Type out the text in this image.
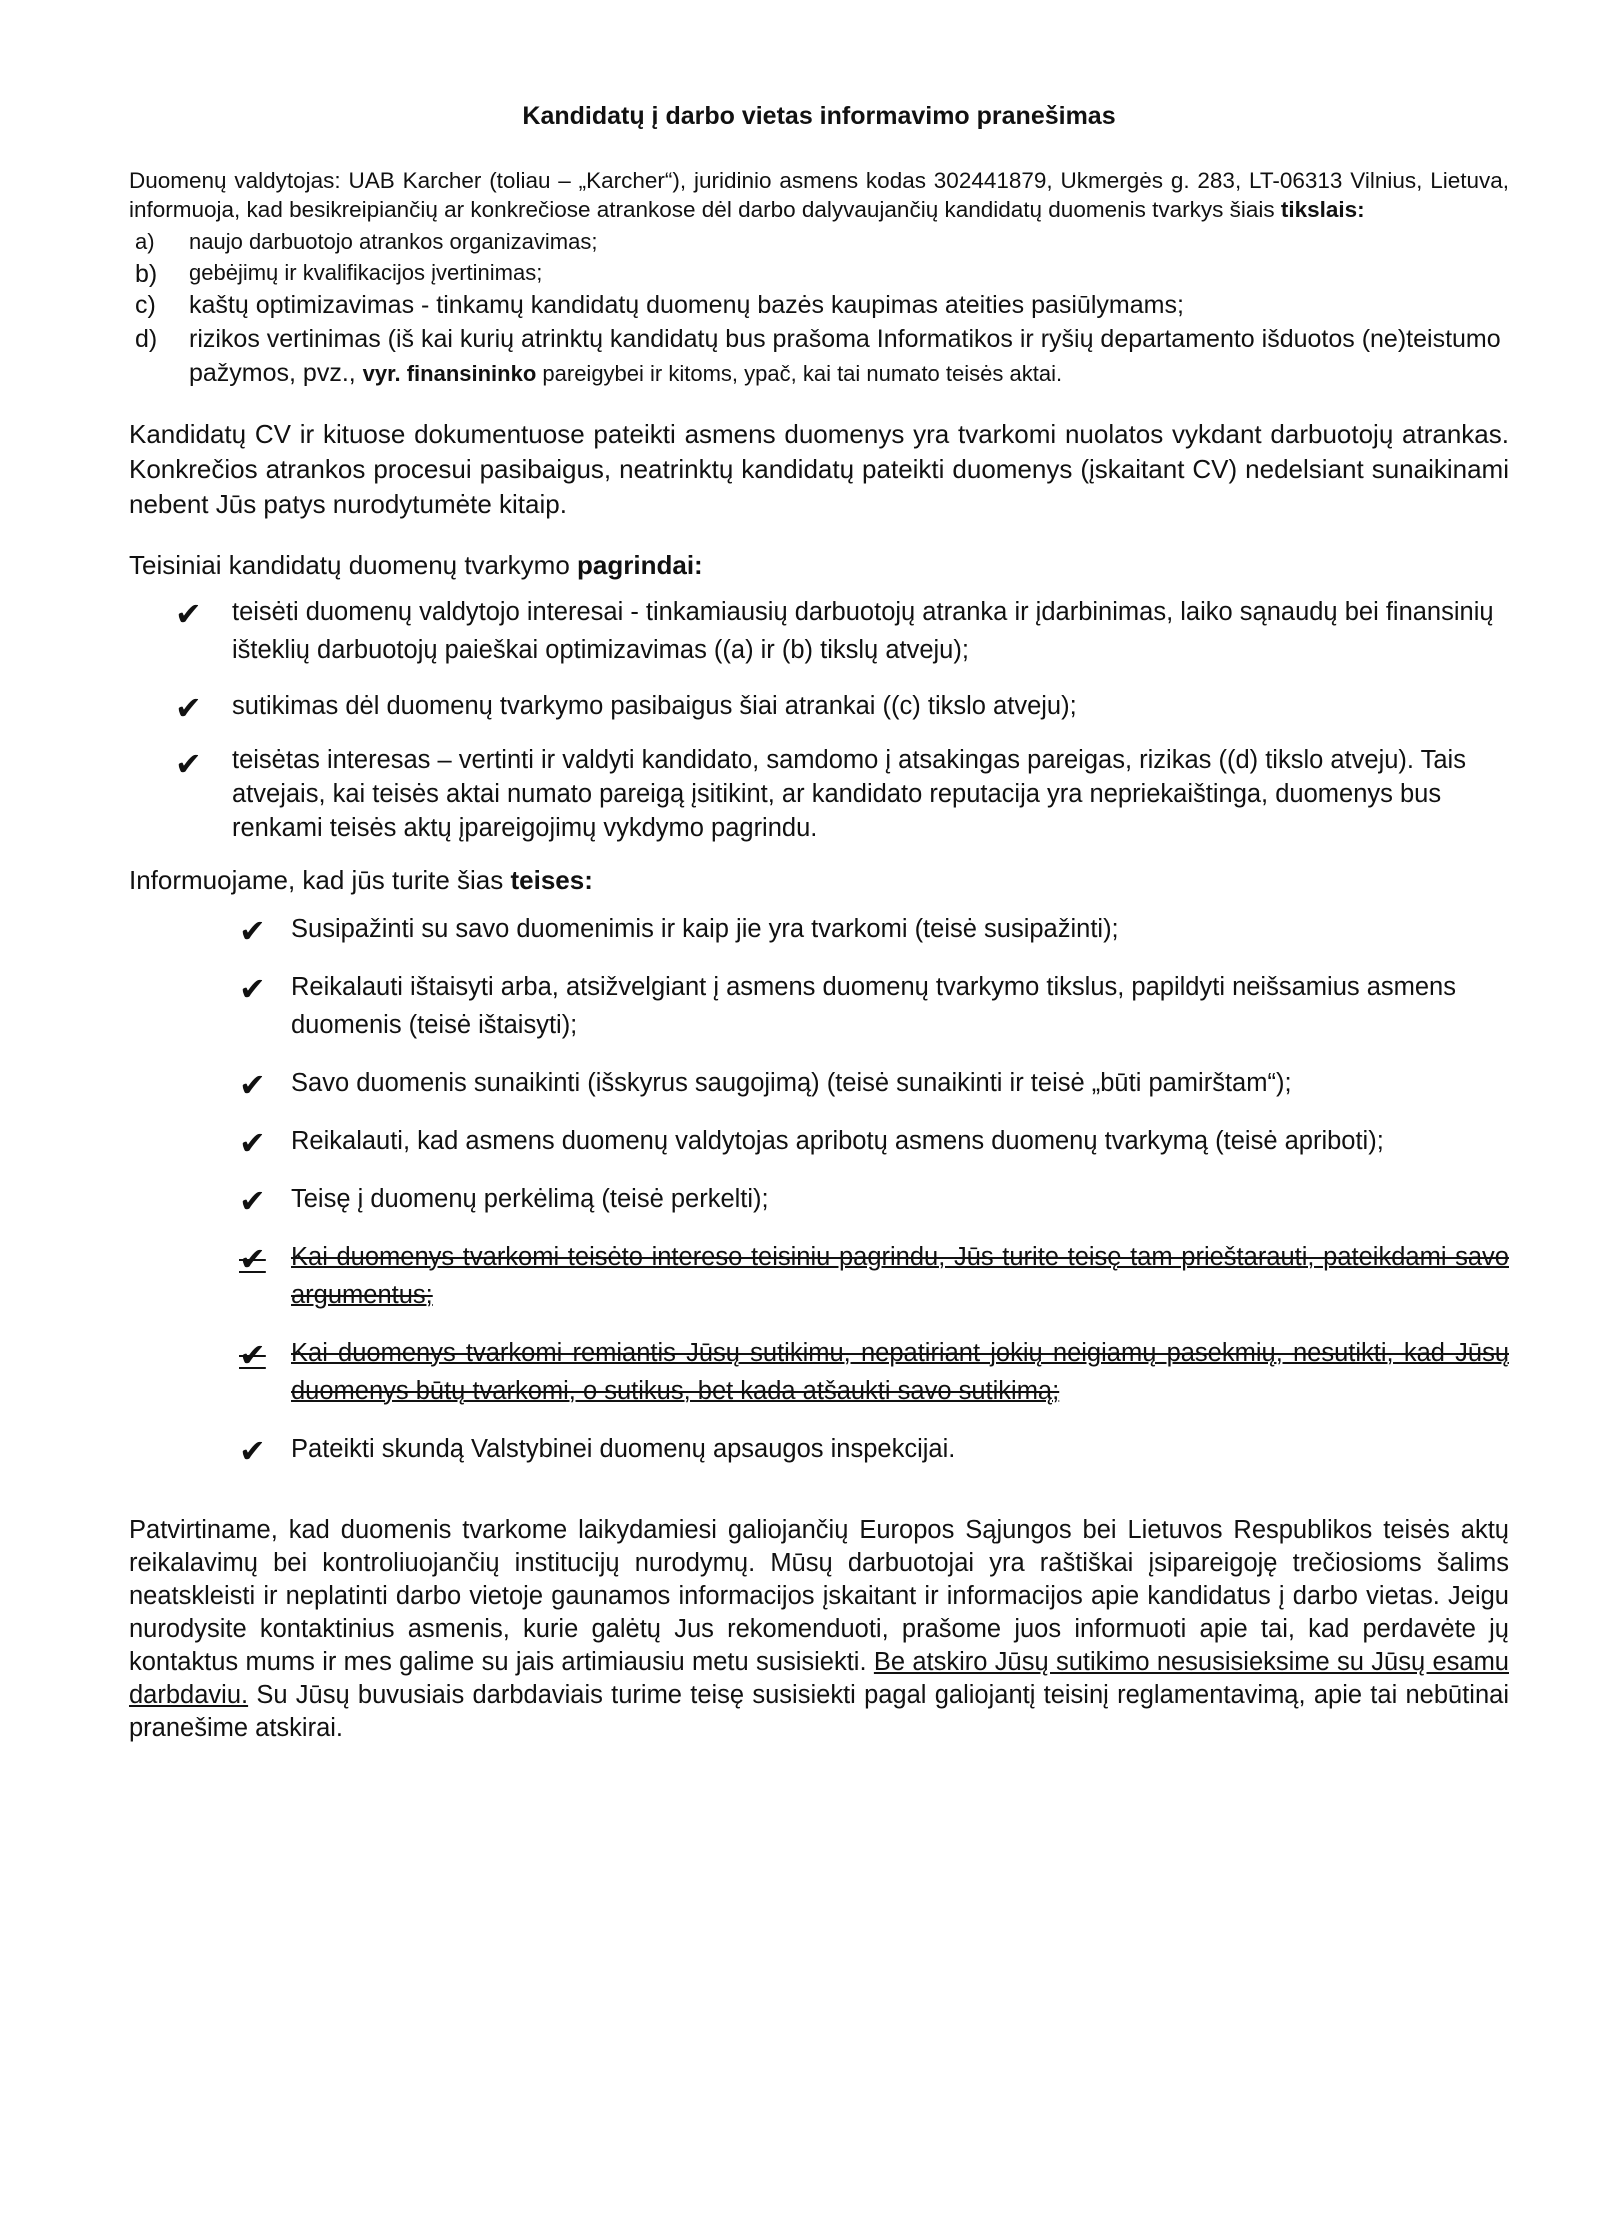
Kandidatų į darbo vietas informavimo pranešimas

Duomenų valdytojas: UAB Karcher (toliau – „Karcher“), juridinio asmens kodas 302441879, Ukmergės g. 283, LT-06313 Vilnius, Lietuva, informuoja, kad besikreipiančių ar konkrečiose atrankose dėl darbo dalyvaujančių kandidatų duomenis tvarkys šiais tikslais:

a) naujo darbuotojo atrankos organizavimas;
b) gebėjimų ir kvalifikacijos įvertinimas;
c) kaštų optimizavimas - tinkamų kandidatų duomenų bazės kaupimas ateities pasiūlymams;
d) rizikos vertinimas (iš kai kurių atrinktų kandidatų bus prašoma Informatikos ir ryšių departamento išduotos (ne)teistumo pažymos, pvz., vyr. finansininko pareigybei ir kitoms, ypač, kai tai numato teisės aktai.

Kandidatų CV ir kituose dokumentuose pateikti asmens duomenys yra tvarkomi nuolatos vykdant darbuotojų atrankas. Konkrečios atrankos procesui pasibaigus, neatrinktų kandidatų pateikti duomenys (įskaitant CV) nedelsiant sunaikinami nebent Jūs patys nurodytumėte kitaip.

Teisiniai kandidatų duomenų tvarkymo pagrindai:

✔ teisėti duomenų valdytojo interesai - tinkamiausių darbuotojų atranka ir įdarbinimas, laiko sąnaudų bei finansinių išteklių darbuotojų paieškai optimizavimas ((a) ir (b) tikslų atveju);
✔ sutikimas dėl duomenų tvarkymo pasibaigus šiai atrankai ((c) tikslo atveju);
✔ teisėtas interesas – vertinti ir valdyti kandidato, samdomo į atsakingas pareigas, rizikas ((d) tikslo atveju). Tais atvejais, kai teisės aktai numato pareigą įsitikint, ar kandidato reputacija yra nepriekaištinga, duomenys bus renkami teisės aktų įpareigojimų vykdymo pagrindu.

Informuojame, kad jūs turite šias teises:

✔ Susipažinti su savo duomenimis ir kaip jie yra tvarkomi (teisė susipažinti);
✔ Reikalauti ištaisyti arba, atsižvelgiant į asmens duomenų tvarkymo tikslus, papildyti neišsamius asmens duomenis (teisė ištaisyti);
✔ Savo duomenis sunaikinti (išskyrus saugojimą) (teisė sunaikinti ir teisė „būti pamirštam“);
✔ Reikalauti, kad asmens duomenų valdytojas apribotų asmens duomenų tvarkymą (teisė apriboti);
✔ Teisę į duomenų perkėlimą (teisė perkelti);
✔ Kai duomenys tvarkomi teisėto intereso teisiniu pagrindu, Jūs turite teisę tam prieštarauti, pateikdami savo argumentus;
✔ Kai duomenys tvarkomi remiantis Jūsų sutikimu, nepatiriant jokių neigiamų pasekmių, nesutikti, kad Jūsų duomenys būtų tvarkomi, o sutikus, bet kada atšaukti savo sutikimą;
✔ Pateikti skundą Valstybinei duomenų apsaugos inspekcijai.

Patvirtiname, kad duomenis tvarkome laikydamiesi galiojančių Europos Sąjungos bei Lietuvos Respublikos teisės aktų reikalavimų bei kontroliuojančių institucijų nurodymų. Mūsų darbuotojai yra raštiškai įsipareigoję trečiosioms šalims neatskleisti ir neplatinti darbo vietoje gaunamos informacijos įskaitant ir informacijos apie kandidatus į darbo vietas. Jeigu nurodysite kontaktinius asmenis, kurie galėtų Jus rekomenduoti, prašome juos informuoti apie tai, kad perdavėte jų kontaktus mums ir mes galime su jais artimiausiu metu susisiekti. Be atskiro Jūsų sutikimo nesusisieksime su Jūsų esamu darbdaviu. Su Jūsų buvusiais darbdaviais turime teisę susisiekti pagal galiojantį teisinį reglamentavimą, apie tai nebūtinai pranešime atskirai.
